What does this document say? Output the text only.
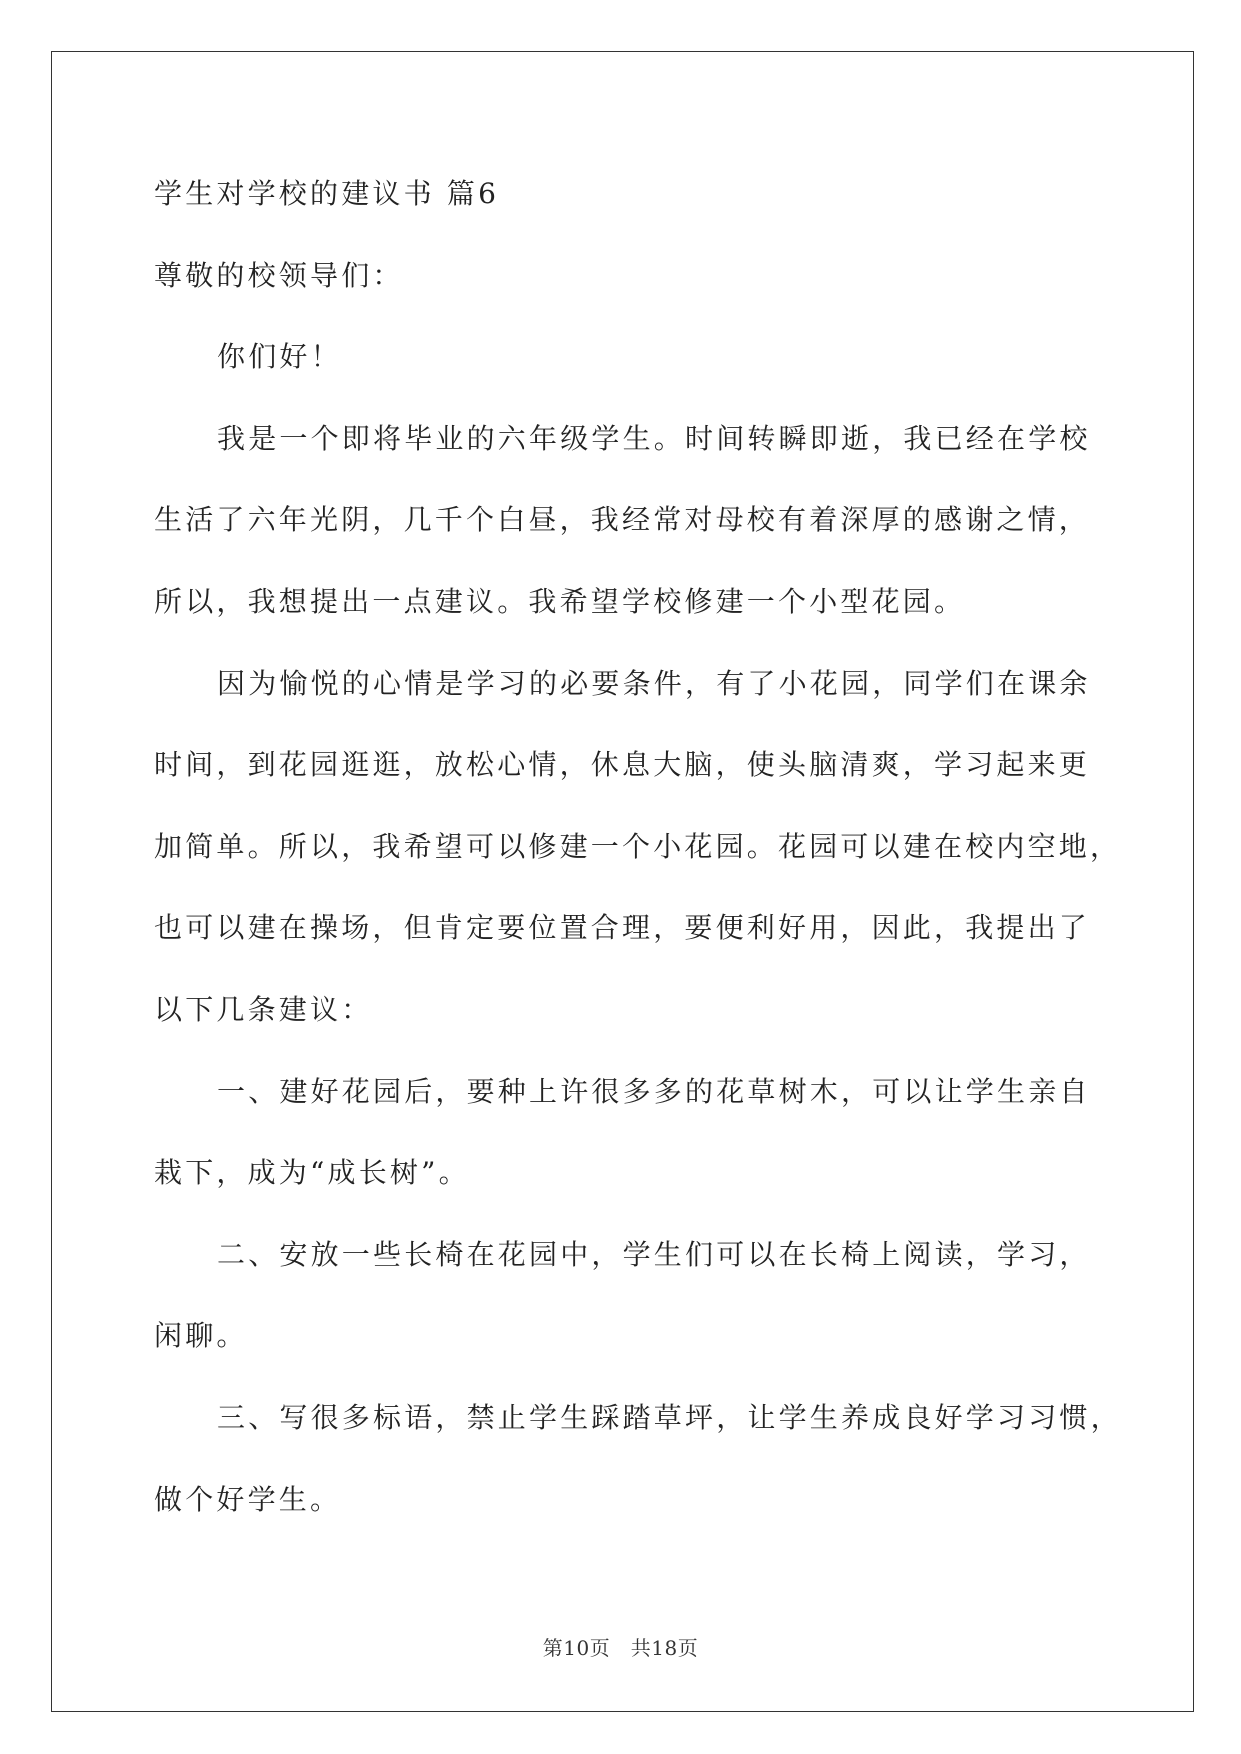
学生对学校的建议书 篇6
尊敬的校领导们：
你们好！
我是一个即将毕业的六年级学生。时间转瞬即逝，我已经在学校
生活了六年光阴，几千个白昼，我经常对母校有着深厚的感谢之情，
所以，我想提出一点建议。我希望学校修建一个小型花园。
因为愉悦的心情是学习的必要条件，有了小花园，同学们在课余
时间，到花园逛逛，放松心情，休息大脑，使头脑清爽，学习起来更
加简单。所以，我希望可以修建一个小花园。花园可以建在校内空地，
也可以建在操场，但肯定要位置合理，要便利好用，因此，我提出了
以下几条建议：
一、建好花园后，要种上许很多多的花草树木，可以让学生亲自
栽下，成为“成长树”。
二、安放一些长椅在花园中，学生们可以在长椅上阅读，学习，
闲聊。
三、写很多标语，禁止学生踩踏草坪，让学生养成良好学习习惯，
做个好学生。
第10页　共18页
